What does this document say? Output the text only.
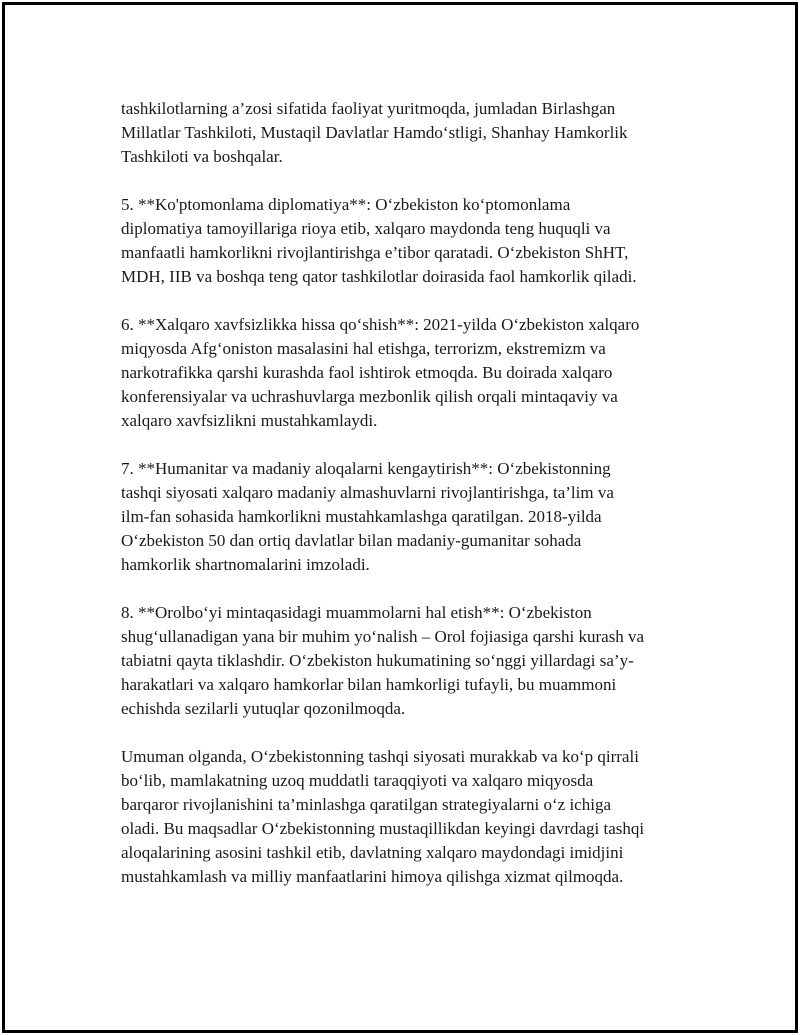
tashkilotlarning a’zosi sifatida faoliyat yuritmoqda, jumladan Birlashgan
Millatlar Tashkiloti, Mustaqil Davlatlar Hamdo‘stligi, Shanhay Hamkorlik
Tashkiloti va boshqalar.

5. **Ko'ptomonlama diplomatiya**: O‘zbekiston ko‘ptomonlama
diplomatiya tamoyillariga rioya etib, xalqaro maydonda teng huquqli va
manfaatli hamkorlikni rivojlantirishga e’tibor qaratadi. O‘zbekiston ShHT,
MDH, IIB va boshqa teng qator tashkilotlar doirasida faol hamkorlik qiladi.

6. **Xalqaro xavfsizlikka hissa qo‘shish**: 2021-yilda O‘zbekiston xalqaro
miqyosda Afg‘oniston masalasini hal etishga, terrorizm, ekstremizm va
narkotrafikka qarshi kurashda faol ishtirok etmoqda. Bu doirada xalqaro
konferensiyalar va uchrashuvlarga mezbonlik qilish orqali mintaqaviy va
xalqaro xavfsizlikni mustahkamlaydi.

7. **Humanitar va madaniy aloqalarni kengaytirish**: O‘zbekistonning
tashqi siyosati xalqaro madaniy almashuvlarni rivojlantirishga, ta’lim va
ilm-fan sohasida hamkorlikni mustahkamlashga qaratilgan. 2018-yilda
O‘zbekiston 50 dan ortiq davlatlar bilan madaniy-gumanitar sohada
hamkorlik shartnomalarini imzoladi.

8. **Orolbo‘yi mintaqasidagi muammolarni hal etish**: O‘zbekiston
shug‘ullanadigan yana bir muhim yo‘nalish – Orol fojiasiga qarshi kurash va
tabiatni qayta tiklashdir. O‘zbekiston hukumatining so‘nggi yillardagi sa’y-
harakatlari va xalqaro hamkorlar bilan hamkorligi tufayli, bu muammoni
echishda sezilarli yutuqlar qozonilmoqda.

Umuman olganda, O‘zbekistonning tashqi siyosati murakkab va ko‘p qirrali
bo‘lib, mamlakatning uzoq muddatli taraqqiyoti va xalqaro miqyosda
barqaror rivojlanishini ta’minlashga qaratilgan strategiyalarni o‘z ichiga
oladi. Bu maqsadlar O‘zbekistonning mustaqillikdan keyingi davrdagi tashqi
aloqalarining asosini tashkil etib, davlatning xalqaro maydondagi imidjini
mustahkamlash va milliy manfaatlarini himoya qilishga xizmat qilmoqda.
